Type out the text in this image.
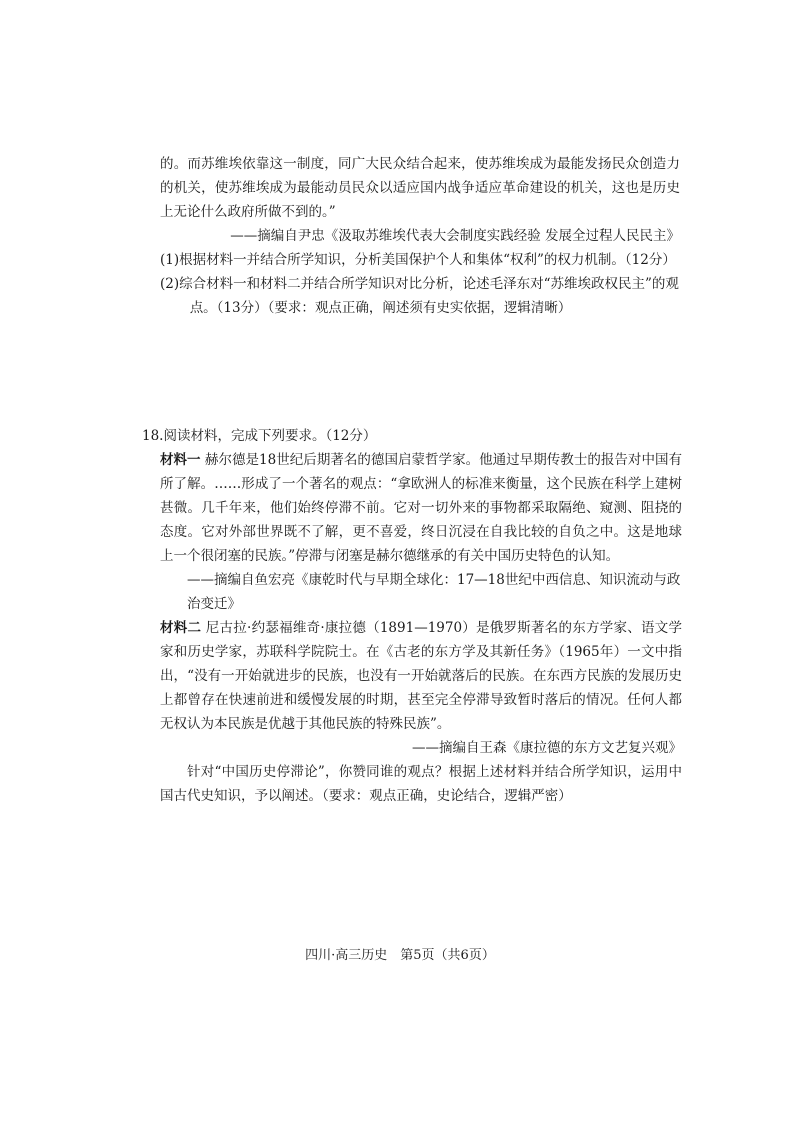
的。而苏维埃依靠这一制度，同广大民众结合起来，使苏维埃成为最能发扬民众创造力的机关，使苏维埃成为最能动员民众以适应国内战争适应革命建设的机关，这也是历史上无论什么政府所做不到的。”

——摘编自尹忠《汲取苏维埃代表大会制度实践经验 发展全过程人民民主》

(1)根据材料一并结合所学知识，分析美国保护个人和集体“权利”的权力机制。（12分）

(2)综合材料一和材料二并结合所学知识对比分析，论述毛泽东对“苏维埃政权民主”的观点。（13分）（要求：观点正确，阐述须有史实依据，逻辑清晰）

18.阅读材料，完成下列要求。（12分）

材料一 赫尔德是18世纪后期著名的德国启蒙哲学家。他通过早期传教士的报告对中国有所了解。……形成了一个著名的观点：“拿欧洲人的标准来衡量，这个民族在科学上建树甚微。几千年来，他们始终停滞不前。它对一切外来的事物都采取隔绝、窥测、阻挠的态度。它对外部世界既不了解，更不喜爱，终日沉浸在自我比较的自负之中。这是地球上一个很闭塞的民族。”停滞与闭塞是赫尔德继承的有关中国历史特色的认知。

——摘编自鱼宏亮《康乾时代与早期全球化：17—18世纪中西信息、知识流动与政治变迁》

材料二 尼古拉·约瑟福维奇·康拉德（1891—1970）是俄罗斯著名的东方学家、语文学家和历史学家，苏联科学院院士。在《古老的东方学及其新任务》（1965年）一文中指出，“没有一开始就进步的民族，也没有一开始就落后的民族。在东西方民族的发展历史上都曾存在快速前进和缓慢发展的时期，甚至完全停滞导致暂时落后的情况。任何人都无权认为本民族是优越于其他民族的特殊民族”。

——摘编自王森《康拉德的东方文艺复兴观》

针对“中国历史停滞论”，你赞同谁的观点？根据上述材料并结合所学知识，运用中国古代史知识，予以阐述。（要求：观点正确，史论结合，逻辑严密）

四川·高三历史　第5页（共6页）
